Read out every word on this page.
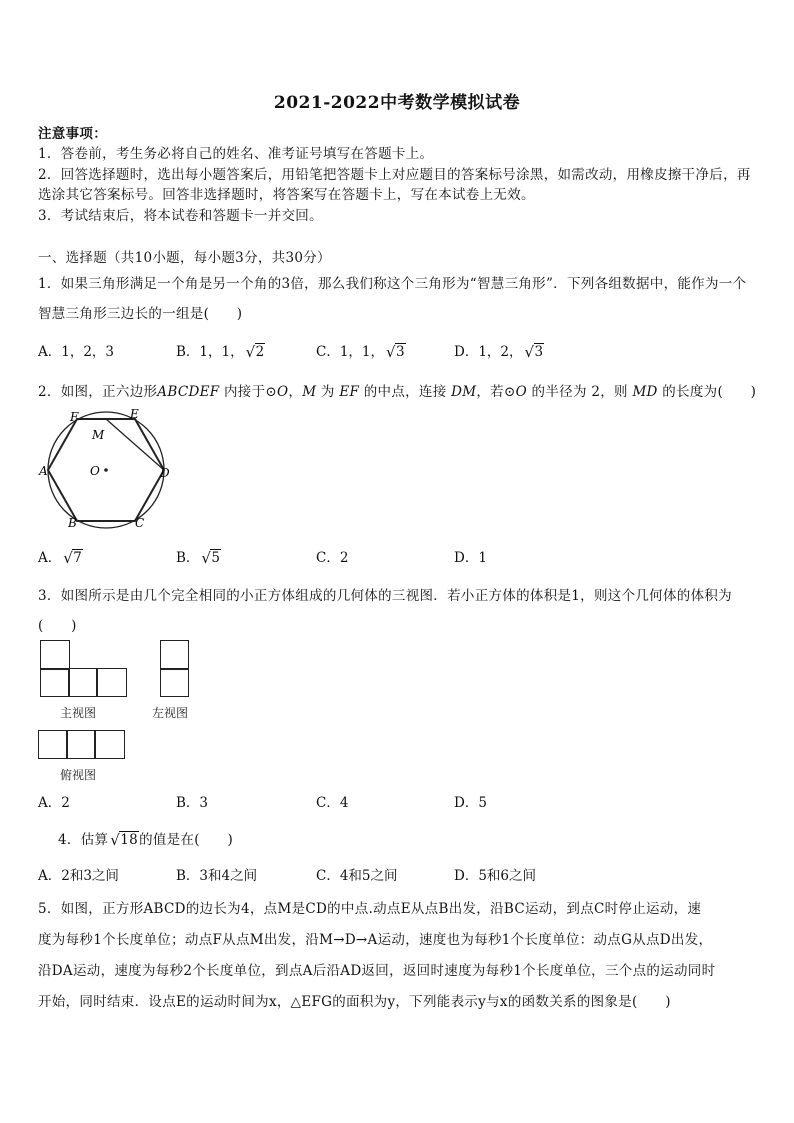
2021-2022中考数学模拟试卷
注意事项：
1．答卷前，考生务必将自己的姓名、准考证号填写在答题卡上。
2．回答选择题时，选出每小题答案后，用铅笔把答题卡上对应题目的答案标号涂黑，如需改动，用橡皮擦干净后，再
选涂其它答案标号。回答非选择题时，将答案写在答题卡上，写在本试卷上无效。
3．考试结束后，将本试卷和答题卡一并交回。
一、选择题（共10小题，每小题3分，共30分）
1．如果三角形满足一个角是另一个角的3倍，那么我们称这个三角形为“智慧三角形”．下列各组数据中，能作为一个
智慧三角形三边长的一组是(　　)
A．1，2，3	B．1，1， √ 2	C．1，1， √ 3	D．1，2， √ 3
2．如图，正六边形ABCDEF 内接于⊙O，M 为 EF 的中点，连接 DM，若⊙O 的半径为 2，则 MD 的长度为(　　)
A
B	C
D
E
F
M
O
A． √ 7	B． √ 5	C．2	D．1
3．如图所示是由几个完全相同的小正方体组成的几何体的三视图．若小正方体的体积是1，则这个几何体的体积为
(　　)
主视图	左视图
俯视图
A．2	B．3	C．4	D．5
4．估算 √ 18的值是在(　　)
A．2和3之间	B．3和4之间	C．4和5之间	D．5和6之间
5．如图，正方形ABCD的边长为4，点M是CD的中点.动点E从点B出发，沿BC运动，到点C时停止运动，速
度为每秒1个长度单位；动点F从点M出发，沿M→D→A运动，速度也为每秒1个长度单位：动点G从点D出发，
沿DA运动，速度为每秒2个长度单位，到点A后沿AD返回，返回时速度为每秒1个长度单位，三个点的运动同时
开始，同时结束．设点E的运动时间为x，△EFG的面积为y，下列能表示y与x的函数关系的图象是(　　)
